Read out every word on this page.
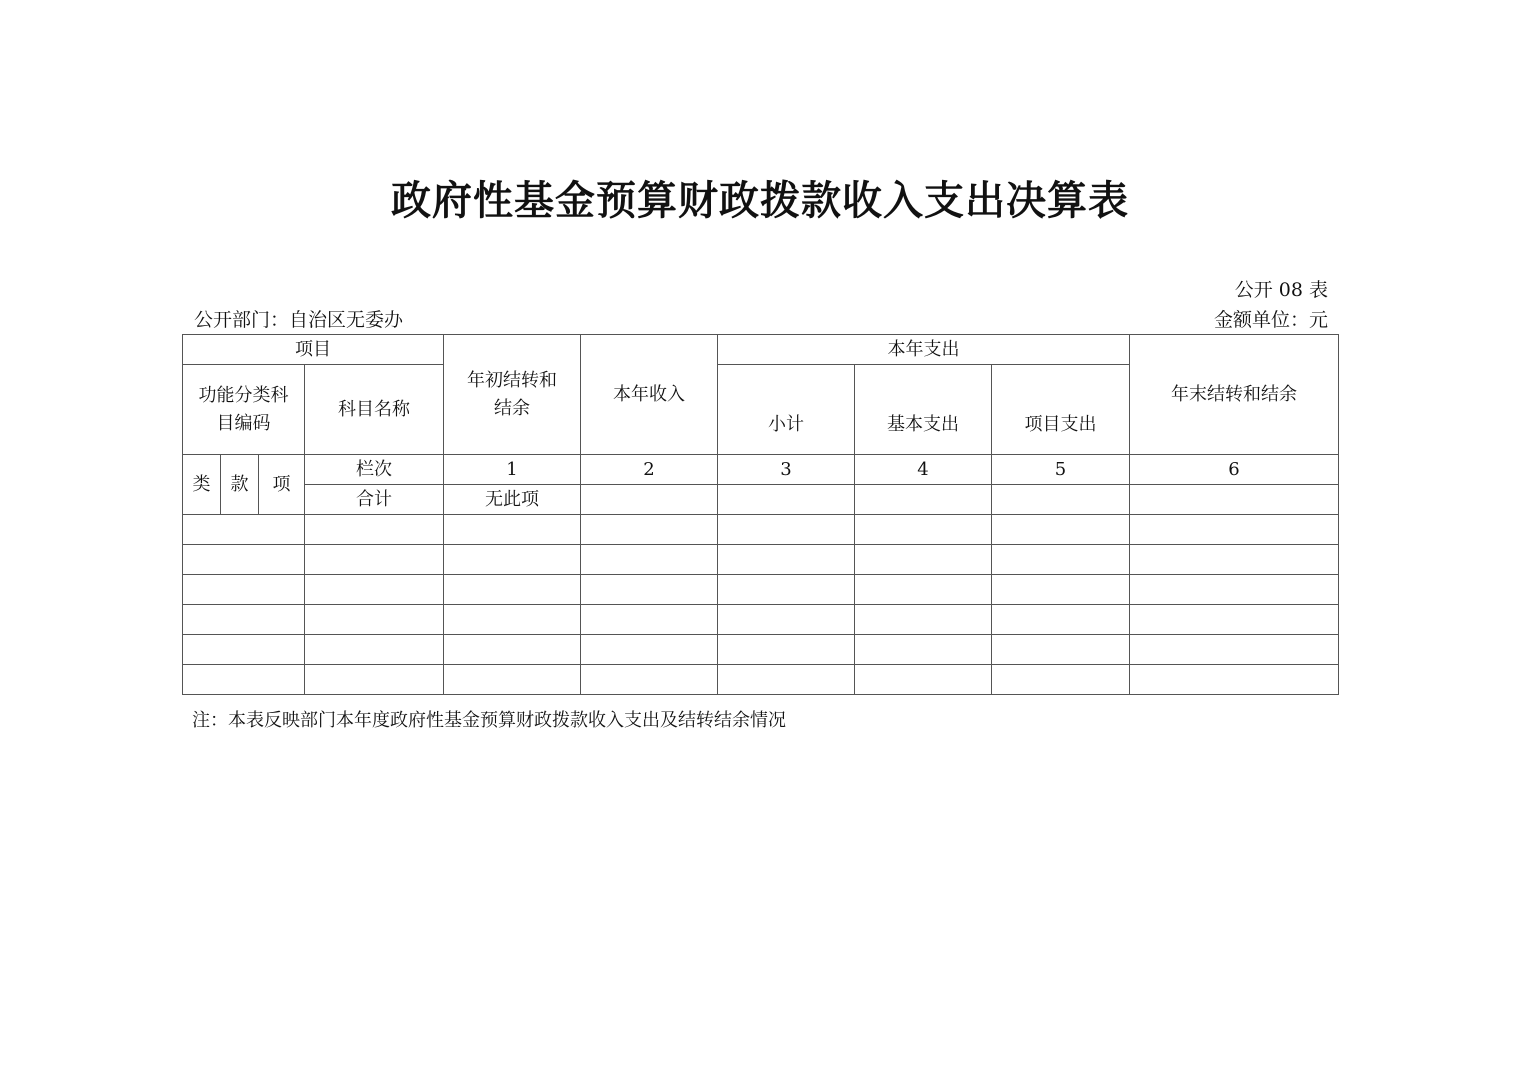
政府性基金预算财政拨款收入支出决算表
公开 08 表
公开部门：自治区无委办	金额单位：元
项目				年初结转和结余	本年收入	本年支出			年末结转和结余

功能分类科目编码			科目名称			小计	基本支出	项目支出	
类	款	项	栏次	1	2	3	4	5	6
			合计	无此项					

注：本表反映部门本年度政府性基金预算财政拨款收入支出及结转结余情况
